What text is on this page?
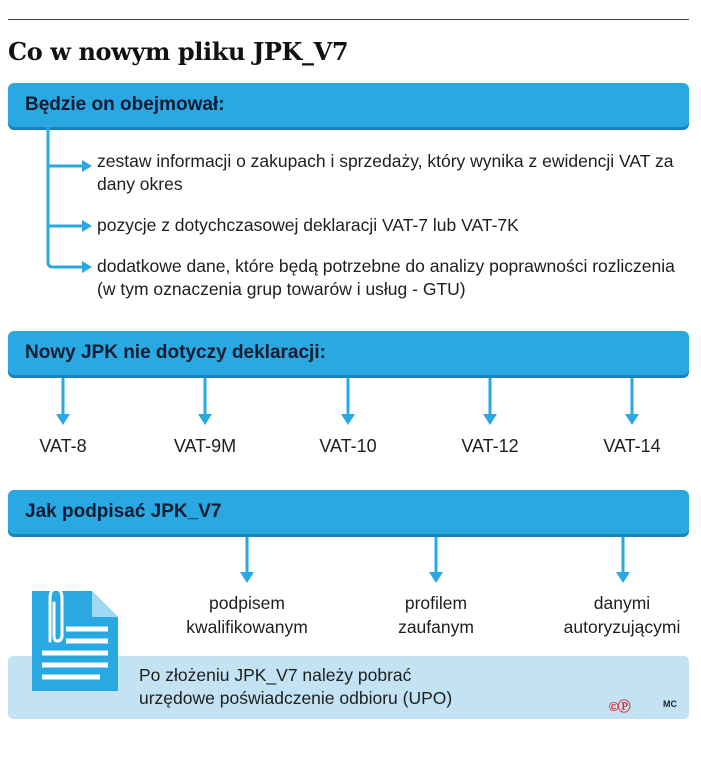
Co w nowym pliku JPK_V7
Będzie on obejmował:
zestaw informacji o zakupach i sprzedaży, który wynika z ewidencji VAT za dany okres
pozycje z dotychczasowej deklaracji VAT-7 lub VAT-7K
dodatkowe dane, które będą potrzebne do analizy poprawności rozliczenia (w tym oznaczenia grup towarów i usług - GTU)
Nowy JPK nie dotyczy deklaracji:
VAT-8	VAT-9M	VAT-10	VAT-12	VAT-14
Jak podpisać JPK_V7
podpisem
kwalifikowanym
profilem
zaufanym
danymi
autoryzującymi
Po złożeniu JPK_V7 należy pobrać
urzędowe poświadczenie odbioru (UPO)	©Ⓟ	MC
